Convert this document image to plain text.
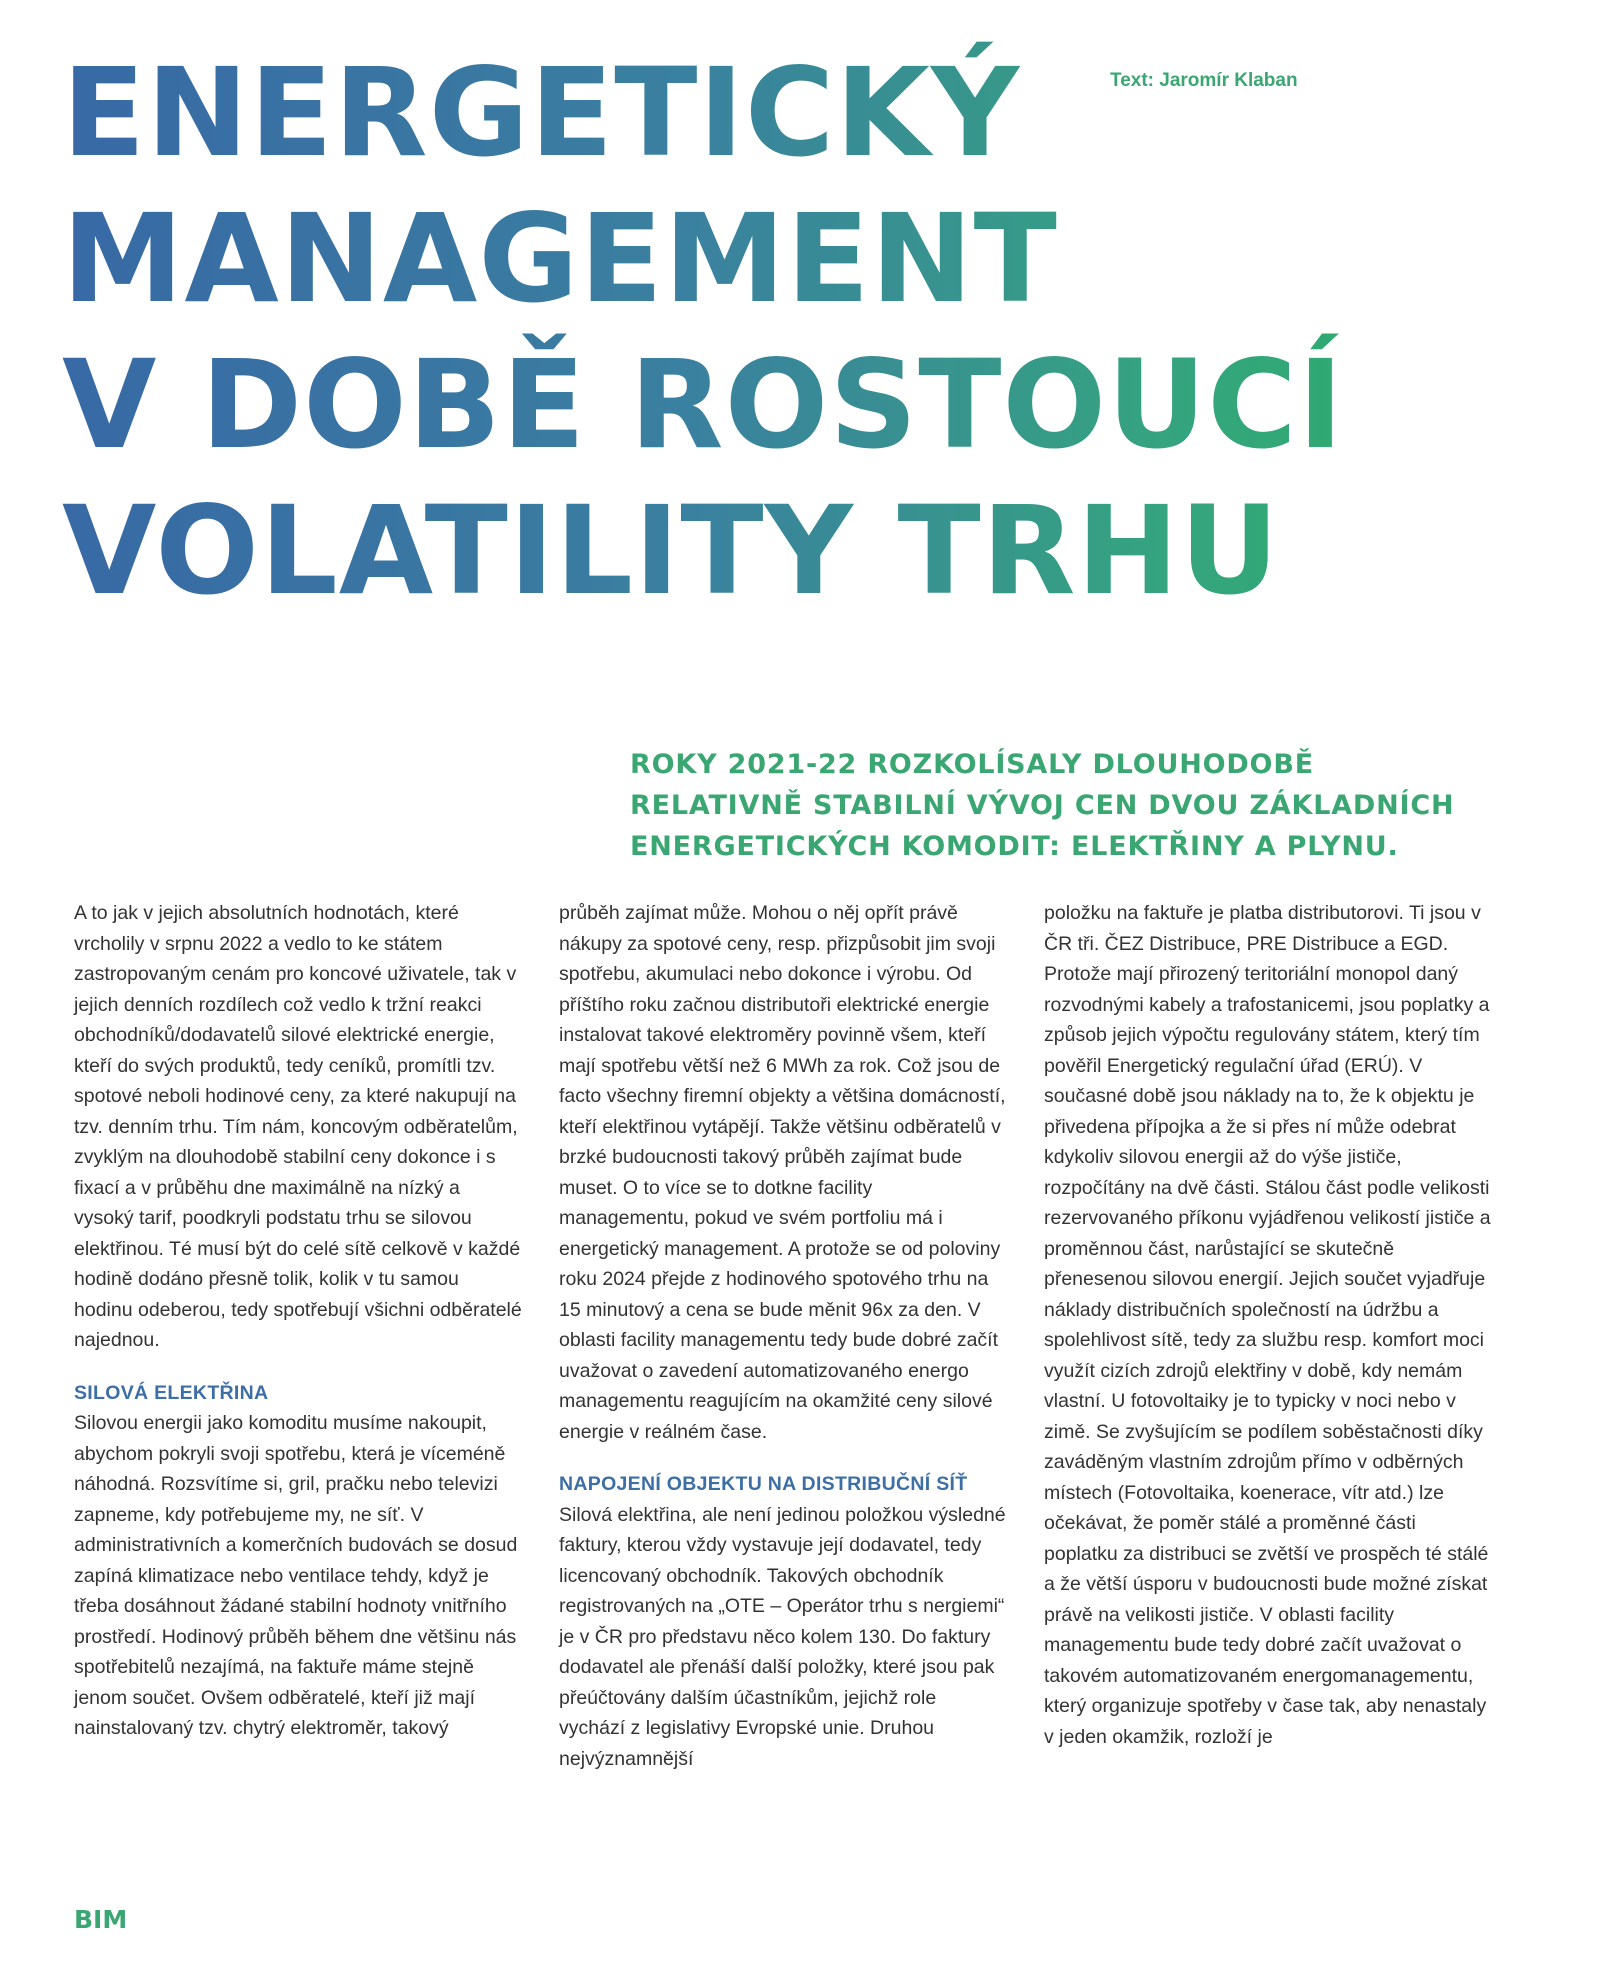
ENERGETICKÝ
MANAGEMENT
V DOBĚ ROSTOUCÍ
VOLATILITY TRHU

Text: Jaromír Klaban

ROKY 2021-22 ROZKOLÍSALY DLOUHODOBĚ
RELATIVNĚ STABILNÍ VÝVOJ CEN DVOU ZÁKLADNÍCH
ENERGETICKÝCH KOMODIT: ELEKTŘINY A PLYNU.

A to jak v jejich absolutních hodnotách, které vrcholily v srpnu 2022 a vedlo to ke státem zastropovaným cenám pro koncové uživatele, tak v jejich denních rozdílech což vedlo k tržní reakci obchodníků/dodavatelů silové elektrické energie, kteří do svých produktů, tedy ceníků, promítli tzv. spotové neboli hodinové ceny, za které nakupují na tzv. denním trhu. Tím nám, koncovým odběratelům, zvyklým na dlouhodobě stabilní ceny dokonce i s fixací a v průběhu dne maximálně na nízký a vysoký tarif, poodkryli podstatu trhu se silovou elektřinou. Té musí být do celé sítě celkově v každé hodině dodáno přesně tolik, kolik v tu samou hodinu odeberou, tedy spotřebují všichni odběratelé najednou.

SILOVÁ ELEKTŘINA

Silovou energii jako komoditu musíme nakoupit, abychom pokryli svoji spotřebu, která je víceméně náhodná. Rozsvítíme si, gril, pračku nebo televizi zapneme, kdy potřebujeme my, ne síť. V administrativních a komerčních budovách se dosud zapíná klimatizace nebo ventilace tehdy, když je třeba dosáhnout žádané stabilní hodnoty vnitřního prostředí. Hodinový průběh během dne většinu nás spotřebitelů nezajímá, na faktuře máme stejně jenom součet. Ovšem odběratelé, kteří již mají nainstalovaný tzv. chytrý elektroměr, takový

průběh zajímat může. Mohou o něj opřít právě nákupy za spotové ceny, resp. přizpůsobit jim svoji spotřebu, akumulaci nebo dokonce i výrobu. Od příštího roku začnou distributoři elektrické energie instalovat takové elektroměry povinně všem, kteří mají spotřebu větší než 6 MWh za rok. Což jsou de facto všechny firemní objekty a většina domácností, kteří elektřinou vytápějí. Takže většinu odběratelů v brzké budoucnosti takový průběh zajímat bude muset. O to více se to dotkne facility managementu, pokud ve svém portfoliu má i energetický management. A protože se od poloviny roku 2024 přejde z hodinového spotového trhu na 15 minutový a cena se bude měnit 96x za den. V oblasti facility managementu tedy bude dobré začít uvažovat o zavedení automatizovaného energo managementu reagujícím na okamžité ceny silové energie v reálném čase.

NAPOJENÍ OBJEKTU NA DISTRIBUČNÍ SÍŤ

Silová elektřina, ale není jedinou položkou výsledné faktury, kterou vždy vystavuje její dodavatel, tedy licencovaný obchodník. Takových obchodník registrovaných na „OTE – Operátor trhu s nergiemi“ je v ČR pro představu něco kolem 130. Do faktury dodavatel ale přenáší další položky, které jsou pak přeúčtovány dalším účastníkům, jejichž role vychází z legislativy Evropské unie. Druhou nejvýznamnější

položku na faktuře je platba distributorovi. Ti jsou v ČR tři. ČEZ Distribuce, PRE Distribuce a EGD. Protože mají přirozený teritoriální monopol daný rozvodnými kabely a trafostanicemi, jsou poplatky a způsob jejich výpočtu regulovány státem, který tím pověřil Energetický regulační úřad (ERÚ). V současné době jsou náklady na to, že k objektu je přivedena přípojka a že si přes ní může odebrat kdykoliv silovou energii až do výše jističe, rozpočítány na dvě části. Stálou část podle velikosti rezervovaného příkonu vyjádřenou velikostí jističe a proměnnou část, narůstající se skutečně přenesenou silovou energií. Jejich součet vyjadřuje náklady distribučních společností na údržbu a spolehlivost sítě, tedy za službu resp. komfort moci využít cizích zdrojů elektřiny v době, kdy nemám vlastní. U fotovoltaiky je to typicky v noci nebo v zimě. Se zvyšujícím se podílem soběstačnosti díky zaváděným vlastním zdrojům přímo v odběrných místech (Fotovoltaika, koenerace, vítr atd.) lze očekávat, že poměr stálé a proměnné části poplatku za distribuci se zvětší ve prospěch té stálé a že větší úsporu v budoucnosti bude možné získat právě na velikosti jističe. V oblasti facility managementu bude tedy dobré začít uvažovat o takovém automatizovaném energomanagementu, který organizuje spotřeby v čase tak, aby nenastaly v jeden okamžik, rozloží je

BIM
